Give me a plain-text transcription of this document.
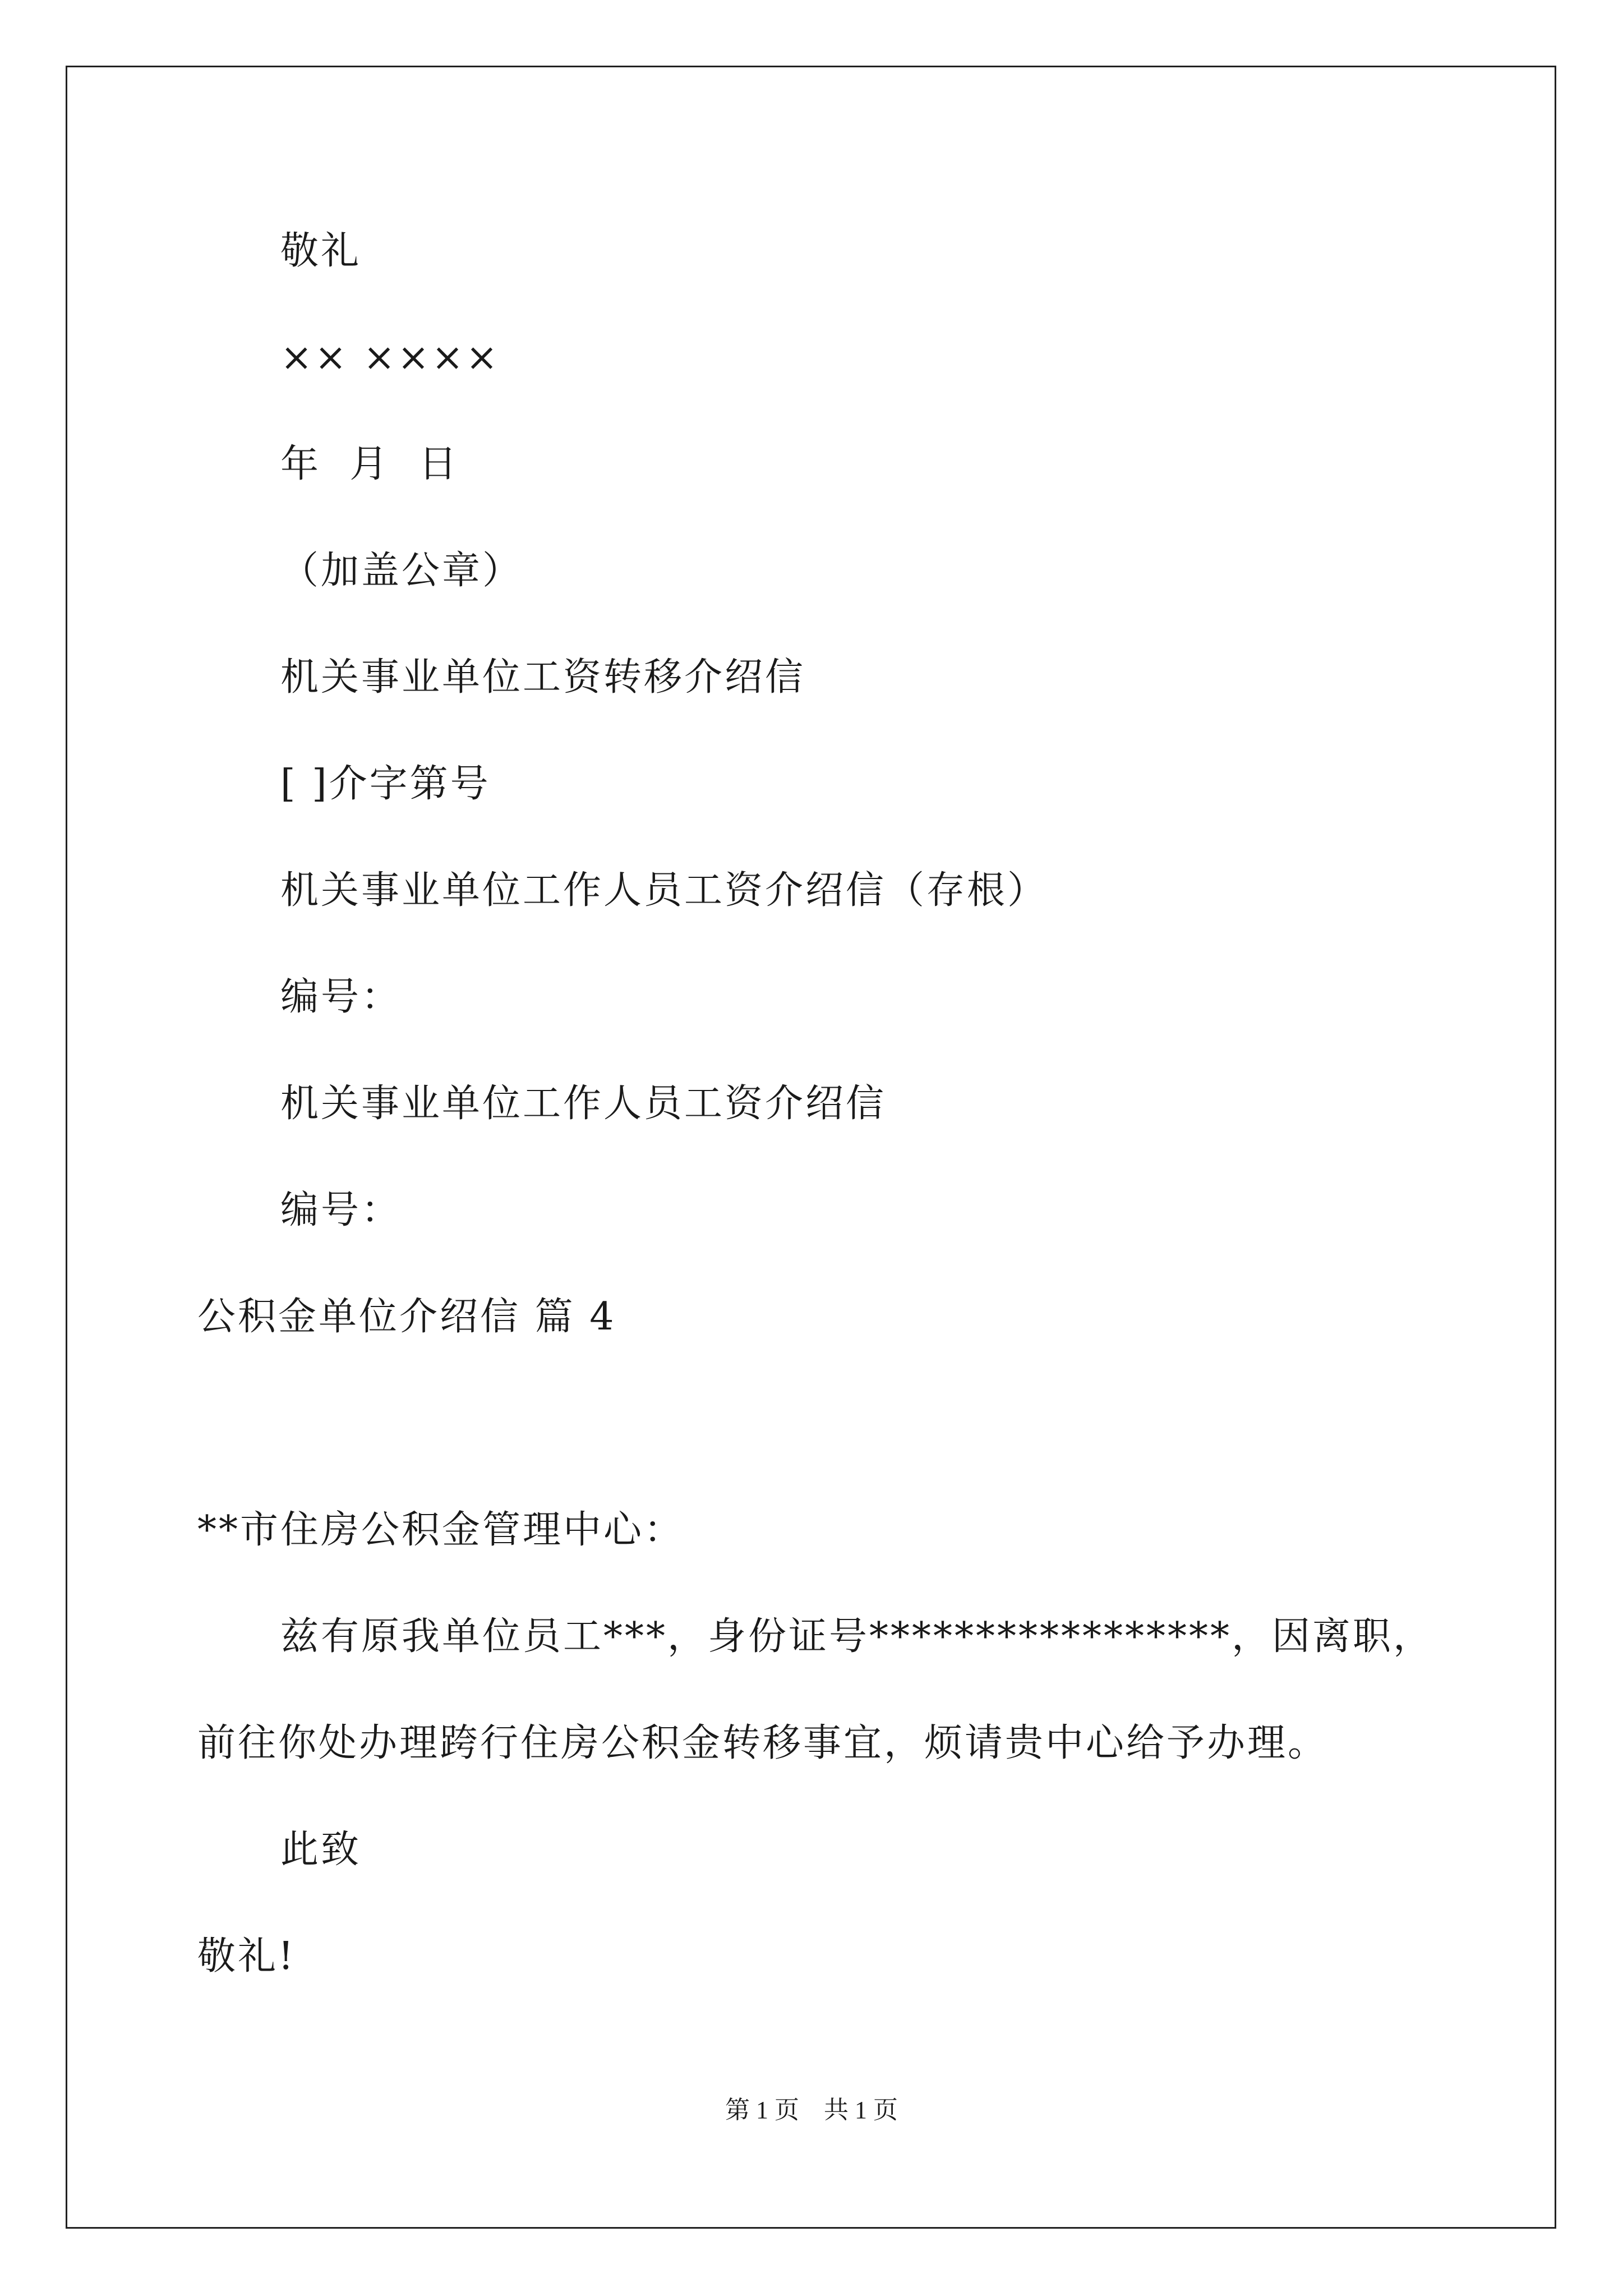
敬礼
×× ××××
年  月  日
（加盖公章）
机关事业单位工资转移介绍信
[ ]介字第号
机关事业单位工作人员工资介绍信（存根）
编号：
机关事业单位工作人员工资介绍信
编号：
公积金单位介绍信 篇 4
**市住房公积金管理中心：
兹有原我单位员工***，身份证号*****************，因离职，
前往你处办理跨行住房公积金转移事宜，烦请贵中心给予办理。
此致
敬礼!
第 1 页    共 1 页
